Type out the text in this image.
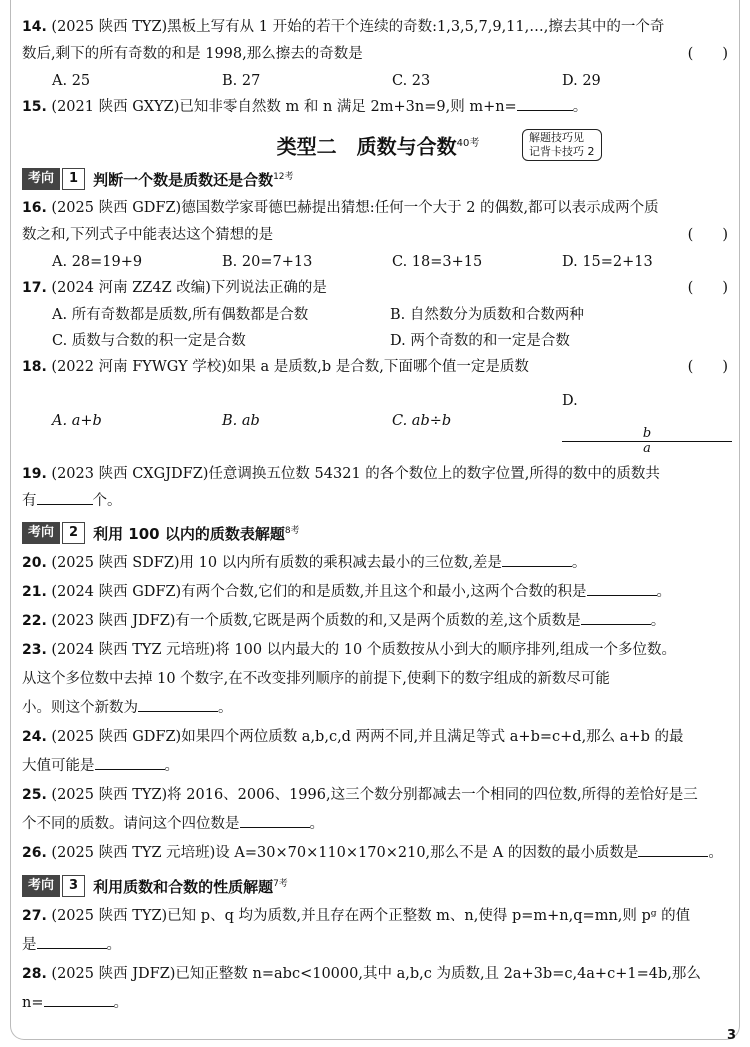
14. (2025 陕西 TYZ)黑板上写有从 1 开始的若干个连续的奇数:1,3,5,7,9,11,…,擦去其中的一个奇
数后,剩下的所有奇数的和是 1998,那么擦去的奇数是	(　　)
A. 25	B. 27	C. 23	D. 29
15. (2021 陕西 GXYZ)已知非零自然数 m 和 n 满足 2m+3n=9,则 m+n=	。
类型二　质数与合数$^{40考}$	解题技巧见
记背卡技巧 2
考向	1	判断一个数是质数还是合数$^{12考}$
16. (2025 陕西 GDFZ)德国数学家哥德巴赫提出猜想:任何一个大于 2 的偶数,都可以表示成两个质
数之和,下列式子中能表达这个猜想的是	(　　)
A. 28=19+9	B. 20=7+13	C. 18=3+15	D. 15=2+13
17. (2024 河南 ZZ4Z 改编)下列说法正确的是	(　　)
A. 所有奇数都是质数,所有偶数都是合数	B. 自然数分为质数和合数两种
C. 质数与合数的积一定是合数	D. 两个奇数的和一定是合数
18. (2022 河南 FYWGY 学校)如果 a 是质数,b 是合数,下面哪个值一定是质数	(　　)
A. a+b	B. ab	C. ab÷b
D.
$\frac{b}{a}$
19. (2023 陕西 CXGJDFZ)任意调换五位数 54321 的各个数位上的数字位置,所得的数中的质数共
有	个。
考向	2	利用 100 以内的质数表解题$^{8考}$
20. (2025 陕西 SDFZ)用 10 以内所有质数的乘积减去最小的三位数,差是	。
21. (2024 陕西 GDFZ)有两个合数,它们的和是质数,并且这个和最小,这两个合数的积是	。
22. (2023 陕西 JDFZ)有一个质数,它既是两个质数的和,又是两个质数的差,这个质数是	。
23. (2024 陕西 TYZ 元培班)将 100 以内最大的 10 个质数按从小到大的顺序排列,组成一个多位数。
从这个多位数中去掉 10 个数字,在不改变排列顺序的前提下,使剩下的数字组成的新数尽可能
小。则这个新数为	。
24. (2025 陕西 GDFZ)如果四个两位质数 a,b,c,d 两两不同,并且满足等式 a+b=c+d,那么 a+b 的最
大值可能是	。
25. (2025 陕西 TYZ)将 2016、2006、1996,这三个数分别都减去一个相同的四位数,所得的差恰好是三
个不同的质数。请问这个四位数是	。
26. (2025 陕西 TYZ 元培班)设 A=30×70×110×170×210,那么不是 A 的因数的最小质数是	。
考向	3	利用质数和合数的性质解题$^{7考}$
27. (2025 陕西 TYZ)已知 p、q 均为质数,并且存在两个正整数 m、n,使得 p=m+n,q=mn,则 pᵍ 的值
是	。
28. (2025 陕西 JDFZ)已知正整数 n=abc<10000,其中 a,b,c 为质数,且 2a+3b=c,4a+c+1=4b,那么
n=	。
3
